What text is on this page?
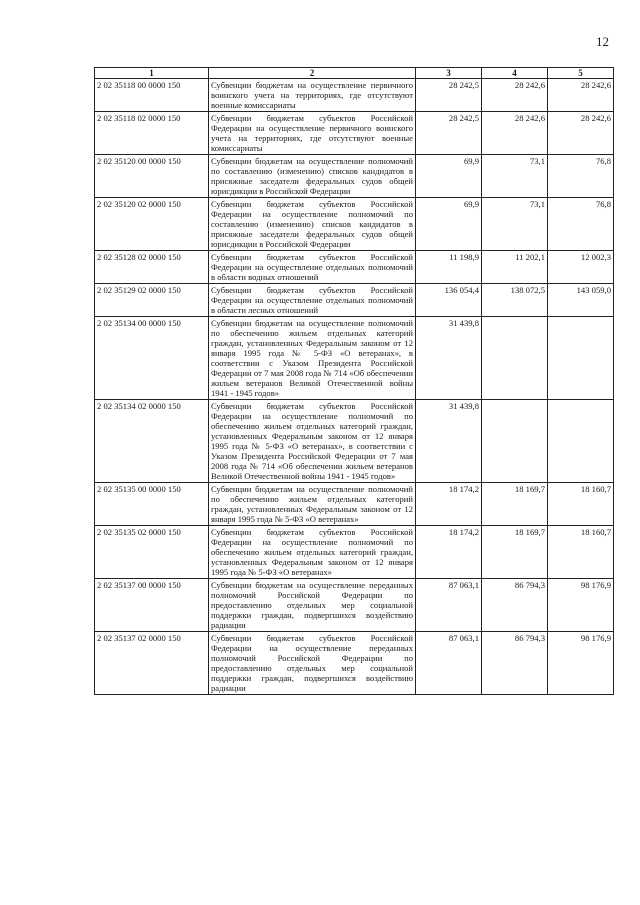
12
1	2	3	4	5
2 02 35118 00 0000 150	Субвенции бюджетам на осуществление первичного воинского учета на территориях, где отсутствуют военные комиссариаты	28 242,5	28 242,6	28 242,6
2 02 35118 02 0000 150	Субвенции бюджетам субъектов Российской Федерации на осуществление первичного воинского учета на территориях, где отсутствуют военные комиссариаты	28 242,5	28 242,6	28 242,6
2 02 35120 00 0000 150	Субвенции бюджетам на осуществление полномочий по составлению (изменению) списков кандидатов в присяжные заседатели федеральных судов общей юрисдикции в Российской Федерации	69,9	73,1	76,8
2 02 35120 02 0000 150	Субвенции бюджетам субъектов Российской Федерации на осуществление полномочий по составлению (изменению) списков кандидатов в присяжные заседатели федеральных судов общей юрисдикции в Российской Федерации	69,9	73,1	76,8
2 02 35128 02 0000 150	Субвенции бюджетам субъектов Российской Федерации на осуществление отдельных полномочий в области водных отношений	11 198,9	11 202,1	12 002,3
2 02 35129 02 0000 150	Субвенции бюджетам субъектов Российской Федерации на осуществление отдельных полномочий в области лесных отношений	136 054,4	138 072,5	143 059,0
2 02 35134 00 0000 150	Субвенции бюджетам на осуществление полномочий по обеспечению жильем отдельных категорий граждан, установленных Федеральным законом от 12 января 1995 года № 5-ФЗ «О ветеранах», в соответствии с Указом Президента Российской Федерации от 7 мая 2008 года № 714 «Об обеспечении жильем ветеранов Великой Отечественной войны 1941 - 1945 годов»	31 439,8		
2 02 35134 02 0000 150	Субвенции бюджетам субъектов Российской Федерации на осуществление полномочий по обеспечению жильем отдельных категорий граждан, установленных Федеральным законом от 12 января 1995 года № 5-ФЗ «О ветеранах», в соответствии с Указом Президента Российской Федерации от 7 мая 2008 года № 714 «Об обеспечении жильем ветеранов Великой Отечественной войны 1941 - 1945 годов»	31 439,8		
2 02 35135 00 0000 150	Субвенции бюджетам на осуществление полномочий по обеспечению жильем отдельных категорий граждан, установленных Федеральным законом от 12 января 1995 года № 5-ФЗ «О ветеранах»	18 174,2	18 169,7	18 160,7
2 02 35135 02 0000 150	Субвенции бюджетам субъектов Российской Федерации на осуществление полномочий по обеспечению жильем отдельных категорий граждан, установленных Федеральным законом от 12 января 1995 года № 5-ФЗ «О ветеранах»	18 174,2	18 169,7	18 160,7
2 02 35137 00 0000 150	Субвенции бюджетам на осуществление переданных полномочий Российской Федерации по предоставлению отдельных мер социальной поддержки граждан, подвергшихся воздействию радиации	87 063,1	86 794,3	98 176,9
2 02 35137 02 0000 150	Субвенции бюджетам субъектов Российской Федерации на осуществление переданных полномочий Российской Федерации по предоставлению отдельных мер социальной поддержки граждан, подвергшихся воздействию радиации	87 063,1	86 794,3	98 176,9
